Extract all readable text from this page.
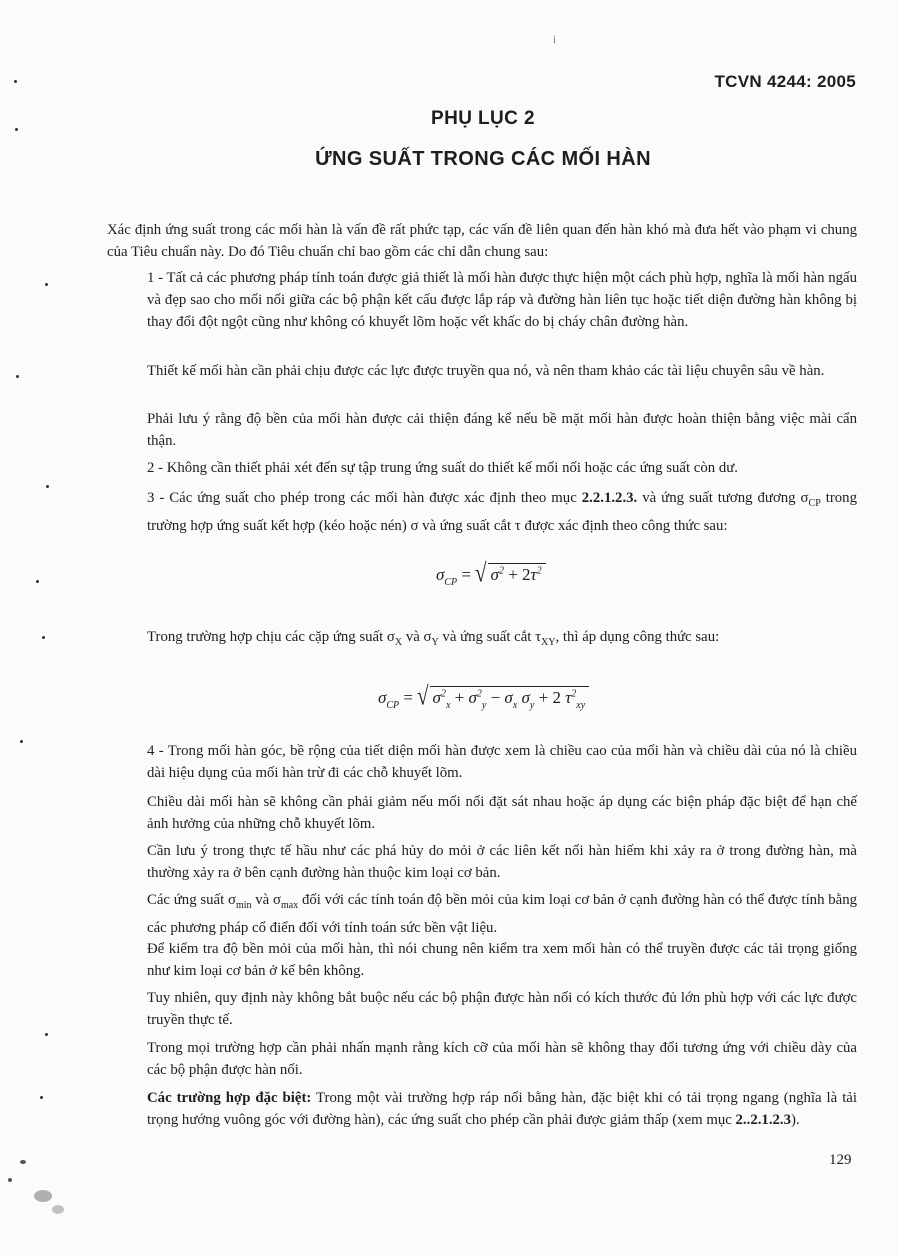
i
TCVN 4244: 2005
PHỤ LỤC 2
ỨNG SUẤT TRONG CÁC MỐI HÀN
Xác định ứng suất trong các mối hàn là vấn đề rất phức tạp, các vấn đề liên quan đến hàn khó mà đưa hết vào phạm vi chung của Tiêu chuẩn này. Do đó Tiêu chuẩn chỉ bao gồm các chỉ dẫn chung sau:
1 - Tất cả các phương pháp tính toán được giả thiết là mối hàn được thực hiện một cách phù hợp, nghĩa là mối hàn ngấu và đẹp sao cho mối nối giữa các bộ phận kết cấu được lắp ráp và đường hàn liên tục hoặc tiết diện đường hàn không bị thay đổi đột ngột cũng như không có khuyết lõm hoặc vết khấc do bị cháy chân đường hàn.
Thiết kế mối hàn cần phải chịu được các lực được truyền qua nó, và nên tham khảo các tài liệu chuyên sâu về hàn.
Phải lưu ý rằng độ bền của mối hàn được cải thiện đáng kể nếu bề mặt mối hàn được hoàn thiện bằng việc mài cẩn thận.
2 - Không cần thiết phải xét đến sự tập trung ứng suất do thiết kế mối nối hoặc các ứng suất còn dư.
3 - Các ứng suất cho phép trong các mối hàn được xác định theo mục 2.2.1.2.3. và ứng suất tương đương $\sigma_{CP}$ trong trường hợp ứng suất kết hợp (kéo hoặc nén) σ và ứng suất cắt τ được xác định theo công thức sau:
$\sigma_{CP}$ = √ $\sigma^2 + 2\tau^2$
Trong trường hợp chịu các cặp ứng suất $\sigma_X$ và $\sigma_Y$ và ứng suất cắt $\tau_{XY}$, thì áp dụng công thức sau:
$\sigma_{CP}$ = √ $\sigma^2_x + \sigma^2_y - \sigma_x$ $\sigma_y + 2$ $\tau^2_{xy}$
4 - Trong mối hàn góc, bề rộng của tiết diện mối hàn được xem là chiều cao của mối hàn và chiều dài của nó là chiều dài hiệu dụng của mối hàn trừ đi các chỗ khuyết lõm.
Chiều dài mối hàn sẽ không cần phải giảm nếu mối nối đặt sát nhau hoặc áp dụng các biện pháp đặc biệt để hạn chế ảnh hưởng của những chỗ khuyết lõm.
Cần lưu ý trong thực tế hầu như các phá hủy do mỏi ở các liên kết nối hàn hiếm khi xảy ra ở trong đường hàn, mà thường xảy ra ở bên cạnh đường hàn thuộc kim loại cơ bản.
Các ứng suất $\sigma_{min}$ và $\sigma_{max}$ đối với các tính toán độ bền mỏi của kim loại cơ bản ở cạnh đường hàn có thể được tính bằng các phương pháp cổ điển đối với tính toán sức bền vật liệu.
Để kiểm tra độ bền mỏi của mối hàn, thì nói chung nên kiểm tra xem mối hàn có thể truyền được các tải trọng giống như kim loại cơ bản ở kế bên không.
Tuy nhiên, quy định này không bắt buộc nếu các bộ phận được hàn nối có kích thước đủ lớn phù hợp với các lực được truyền thực tế.
Trong mọi trường hợp cần phải nhấn mạnh rằng kích cỡ của mối hàn sẽ không thay đổi tương ứng với chiều dày của các bộ phận được hàn nối.
Các trường hợp đặc biệt: Trong một vài trường hợp ráp nối bằng hàn, đặc biệt khi có tải trọng ngang (nghĩa là tải trọng hướng vuông góc với đường hàn), các ứng suất cho phép cần phải được giảm thấp (xem mục 2..2.1.2.3).
129
